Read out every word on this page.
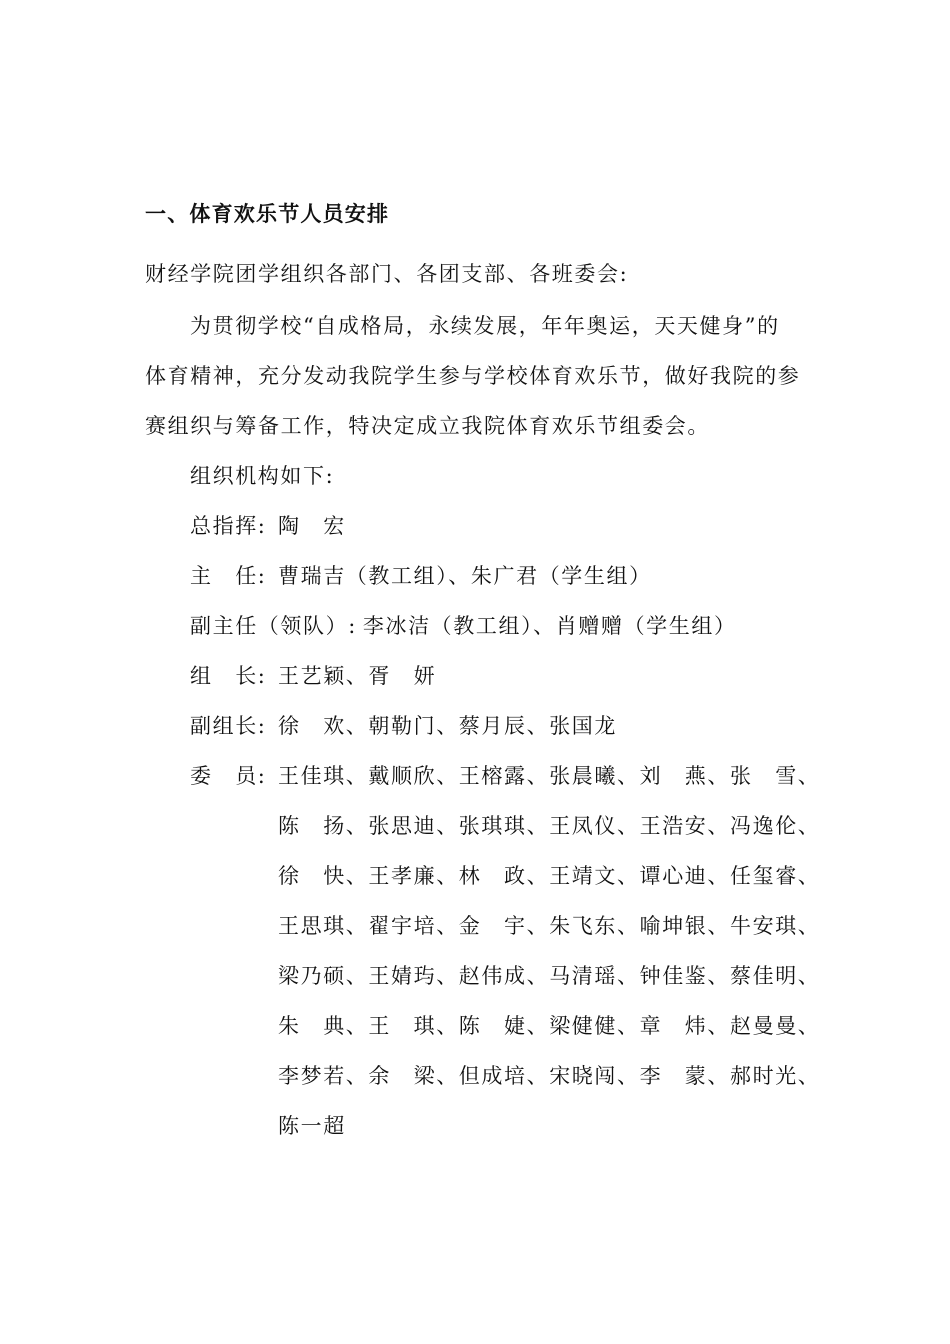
一、体育欢乐节人员安排
财经学院团学组织各部门、各团支部、各班委会:
为贯彻学校“自成格局，永续发展，年年奥运，天天健身”的
体育精神，充分发动我院学生参与学校体育欢乐节，做好我院的参
赛组织与筹备工作，特决定成立我院体育欢乐节组委会。
组织机构如下:
总指挥: 陶　宏
主　任: 曹瑞吉（教工组）、朱广君（学生组）
副主任（领队）: 李冰洁（教工组）、肖赠赠（学生组）
组　长: 王艺颖、胥　妍
副组长: 徐　欢、朝勒门、蔡月辰、张国龙
委　员: 王佳琪、戴顺欣、王榕露、张晨曦、刘　燕、张　雪、
陈　扬、张思迪、张琪琪、王凤仪、王浩安、冯逸伦、
徐　快、王孝廉、林　政、王靖文、谭心迪、任玺睿、
王思琪、翟宇培、金　宇、朱飞东、喻坤银、牛安琪、
梁乃硕、王婧玙、赵伟成、马清瑶、钟佳鉴、蔡佳明、
朱　典、王　琪、陈　婕、梁健健、章　炜、赵曼曼、
李梦若、余　梁、但成培、宋晓闯、李　蒙、郝时光、
陈一超
